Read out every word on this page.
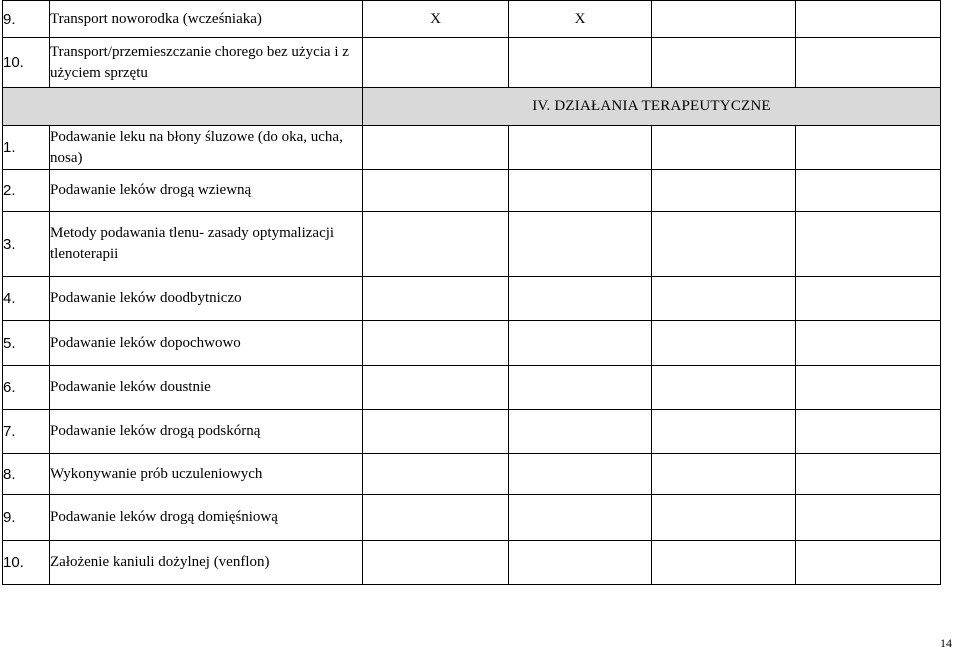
9.	Transport noworodka (wcześniaka)	X	X		
10.	Transport/przemieszczanie chorego bez użycia i z użyciem sprzętu				
		IV. DZIAŁANIA TERAPEUTYCZNE			
1.	Podawanie leku na błony śluzowe (do oka, ucha, nosa)				
2.	Podawanie leków drogą wziewną				
3.	Metody podawania tlenu- zasady optymalizacji tlenoterapii				
4.	Podawanie leków doodbytniczo				
5.	Podawanie leków dopochwowo				
6.	Podawanie leków doustnie				
7.	Podawanie leków drogą podskórną				
8.	Wykonywanie prób uczuleniowych				
9.	Podawanie leków drogą domięśniową				
10.	Założenie kaniuli dożylnej (venflon)				
14
